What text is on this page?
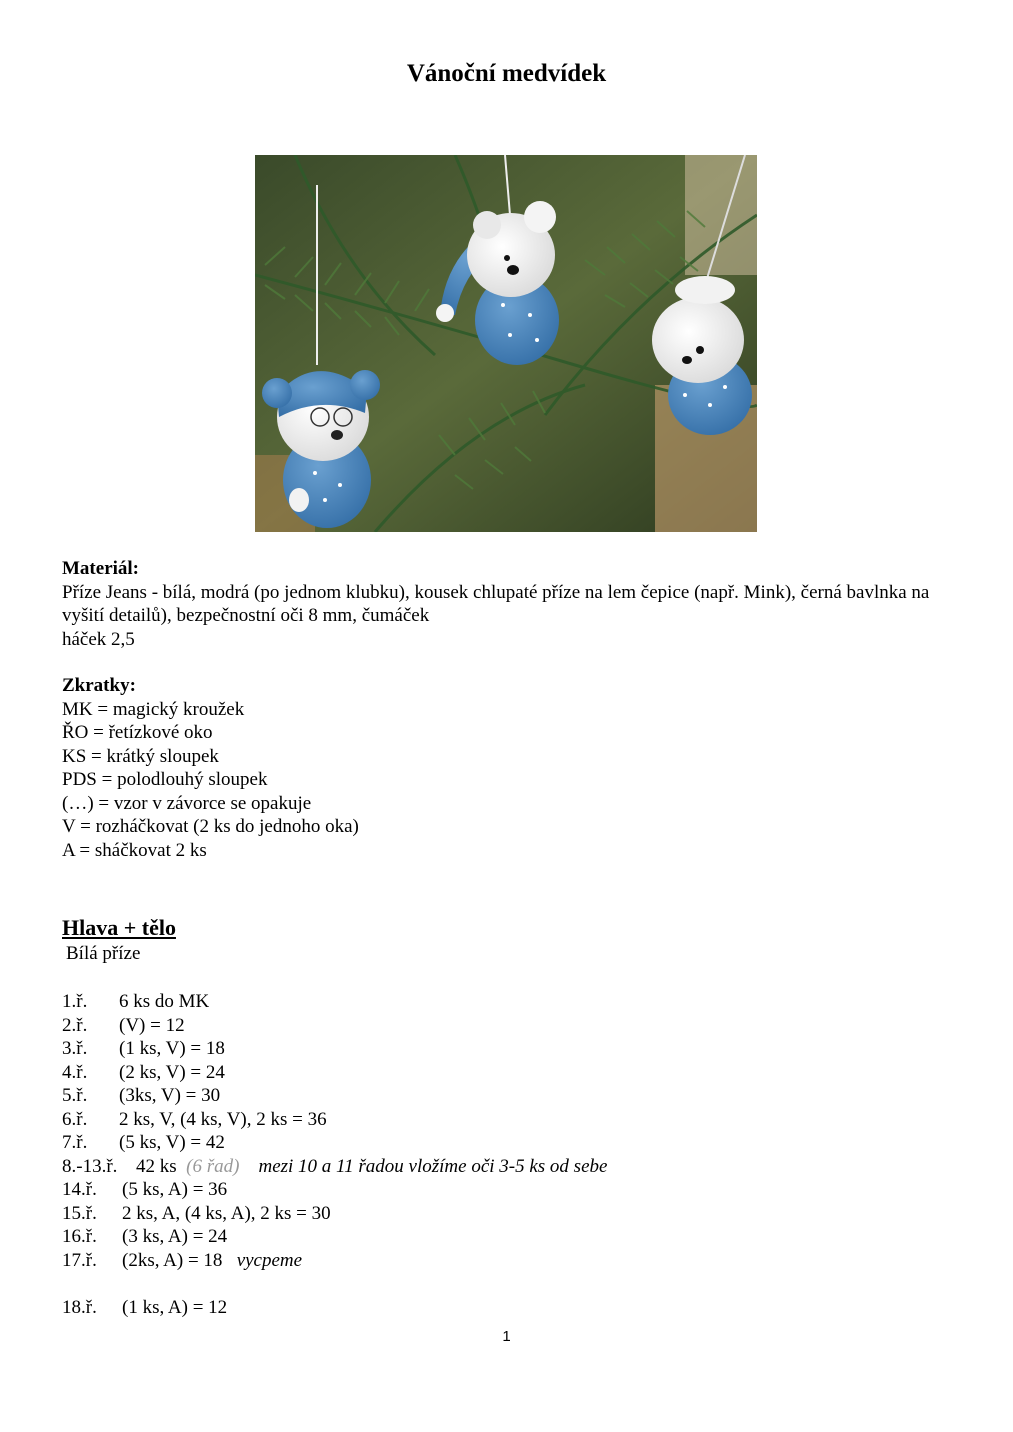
Vánoční medvídek
Materiál:
Příze Jeans - bílá, modrá (po jednom klubku), kousek chlupaté příze na lem čepice (např. Mink), černá bavlnka na vyšití detailů), bezpečnostní oči 8 mm, čumáček
háček 2,5
Zkratky:
MK = magický kroužek
ŘO = řetízkové oko
KS = krátký sloupek
PDS = polodlouhý sloupek
(…) = vzor v závorce se opakuje
V = rozháčkovat (2 ks do jednoho oka)
A = sháčkovat 2 ks
Hlava + tělo
Bílá příze
1.ř. 6 ks do MK
2.ř. (V) = 12
3.ř. (1 ks, V) = 18
4.ř. (2 ks, V) = 24
5.ř. (3ks, V) = 30
6.ř. 2 ks, V, (4 ks, V), 2 ks = 36
7.ř. (5 ks, V) = 42
8.-13.ř. 42 ks (6 řad) mezi 10 a 11 řadou vložíme oči 3-5 ks od sebe
14.ř. (5 ks, A) = 36
15.ř. 2 ks, A, (4 ks, A), 2 ks = 30
16.ř. (3 ks, A) = 24
17.ř. (2ks, A) = 18 vycpeme
18.ř. (1 ks, A) = 12
1
